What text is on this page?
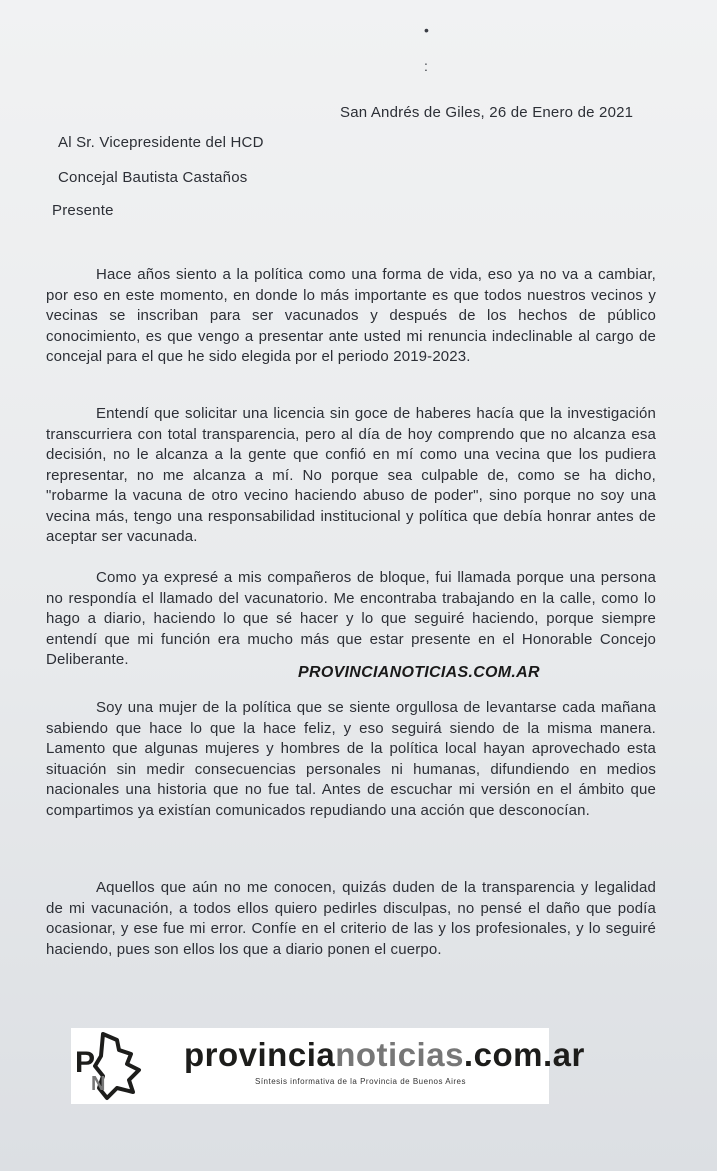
•
:
San Andrés de Giles, 26 de Enero de 2021
Al Sr. Vicepresidente del HCD
Concejal Bautista Castaños
Presente
Hace años siento a la política como una forma de vida, eso ya no va a cambiar, por eso en este momento, en donde lo más importante es que todos nuestros vecinos y vecinas se inscriban para ser vacunados y después de los hechos de público conocimiento, es que vengo a presentar ante usted mi renuncia indeclinable al cargo de concejal para el que he sido elegida por el periodo 2019-2023.
Entendí que solicitar una licencia sin goce de haberes hacía que la investigación transcurriera con total transparencia, pero al día de hoy comprendo que no alcanza esa decisión, no le alcanza a la gente que confió en mí como una vecina que los pudiera representar, no me alcanza a mí. No porque sea culpable de, como se ha dicho, "robarme la vacuna de otro vecino haciendo abuso de poder", sino porque no soy una vecina más, tengo una responsabilidad institucional y política que debía honrar antes de aceptar ser vacunada.
Como ya expresé a mis compañeros de bloque, fui llamada porque una persona no respondía el llamado del vacunatorio. Me encontraba trabajando en la calle, como lo hago a diario, haciendo lo que sé hacer y lo que seguiré haciendo, porque siempre entendí que mi función era mucho más que estar presente en el Honorable Concejo Deliberante.
PROVINCIANOTICIAS.COM.AR
Soy una mujer de la política que se siente orgullosa de levantarse cada mañana sabiendo que hace lo que la hace feliz, y eso seguirá siendo de la misma manera. Lamento que algunas mujeres y hombres de la política local hayan aprovechado esta situación sin medir consecuencias personales ni humanas, difundiendo en medios nacionales una historia que no fue tal. Antes de escuchar mi versión en el ámbito que compartimos ya existían comunicados repudiando una acción que desconocían.
Aquellos que aún no me conocen, quizás duden de la transparencia y legalidad de mi vacunación, a todos ellos quiero pedirles disculpas, no pensé el daño que podía ocasionar, y ese fue mi error. Confíe en el criterio de las y los profesionales, y lo seguiré haciendo, pues son ellos los que a diario ponen el cuerpo.
P
N
provincianoticias.com.ar
Síntesis informativa de la Provincia de Buenos Aires
